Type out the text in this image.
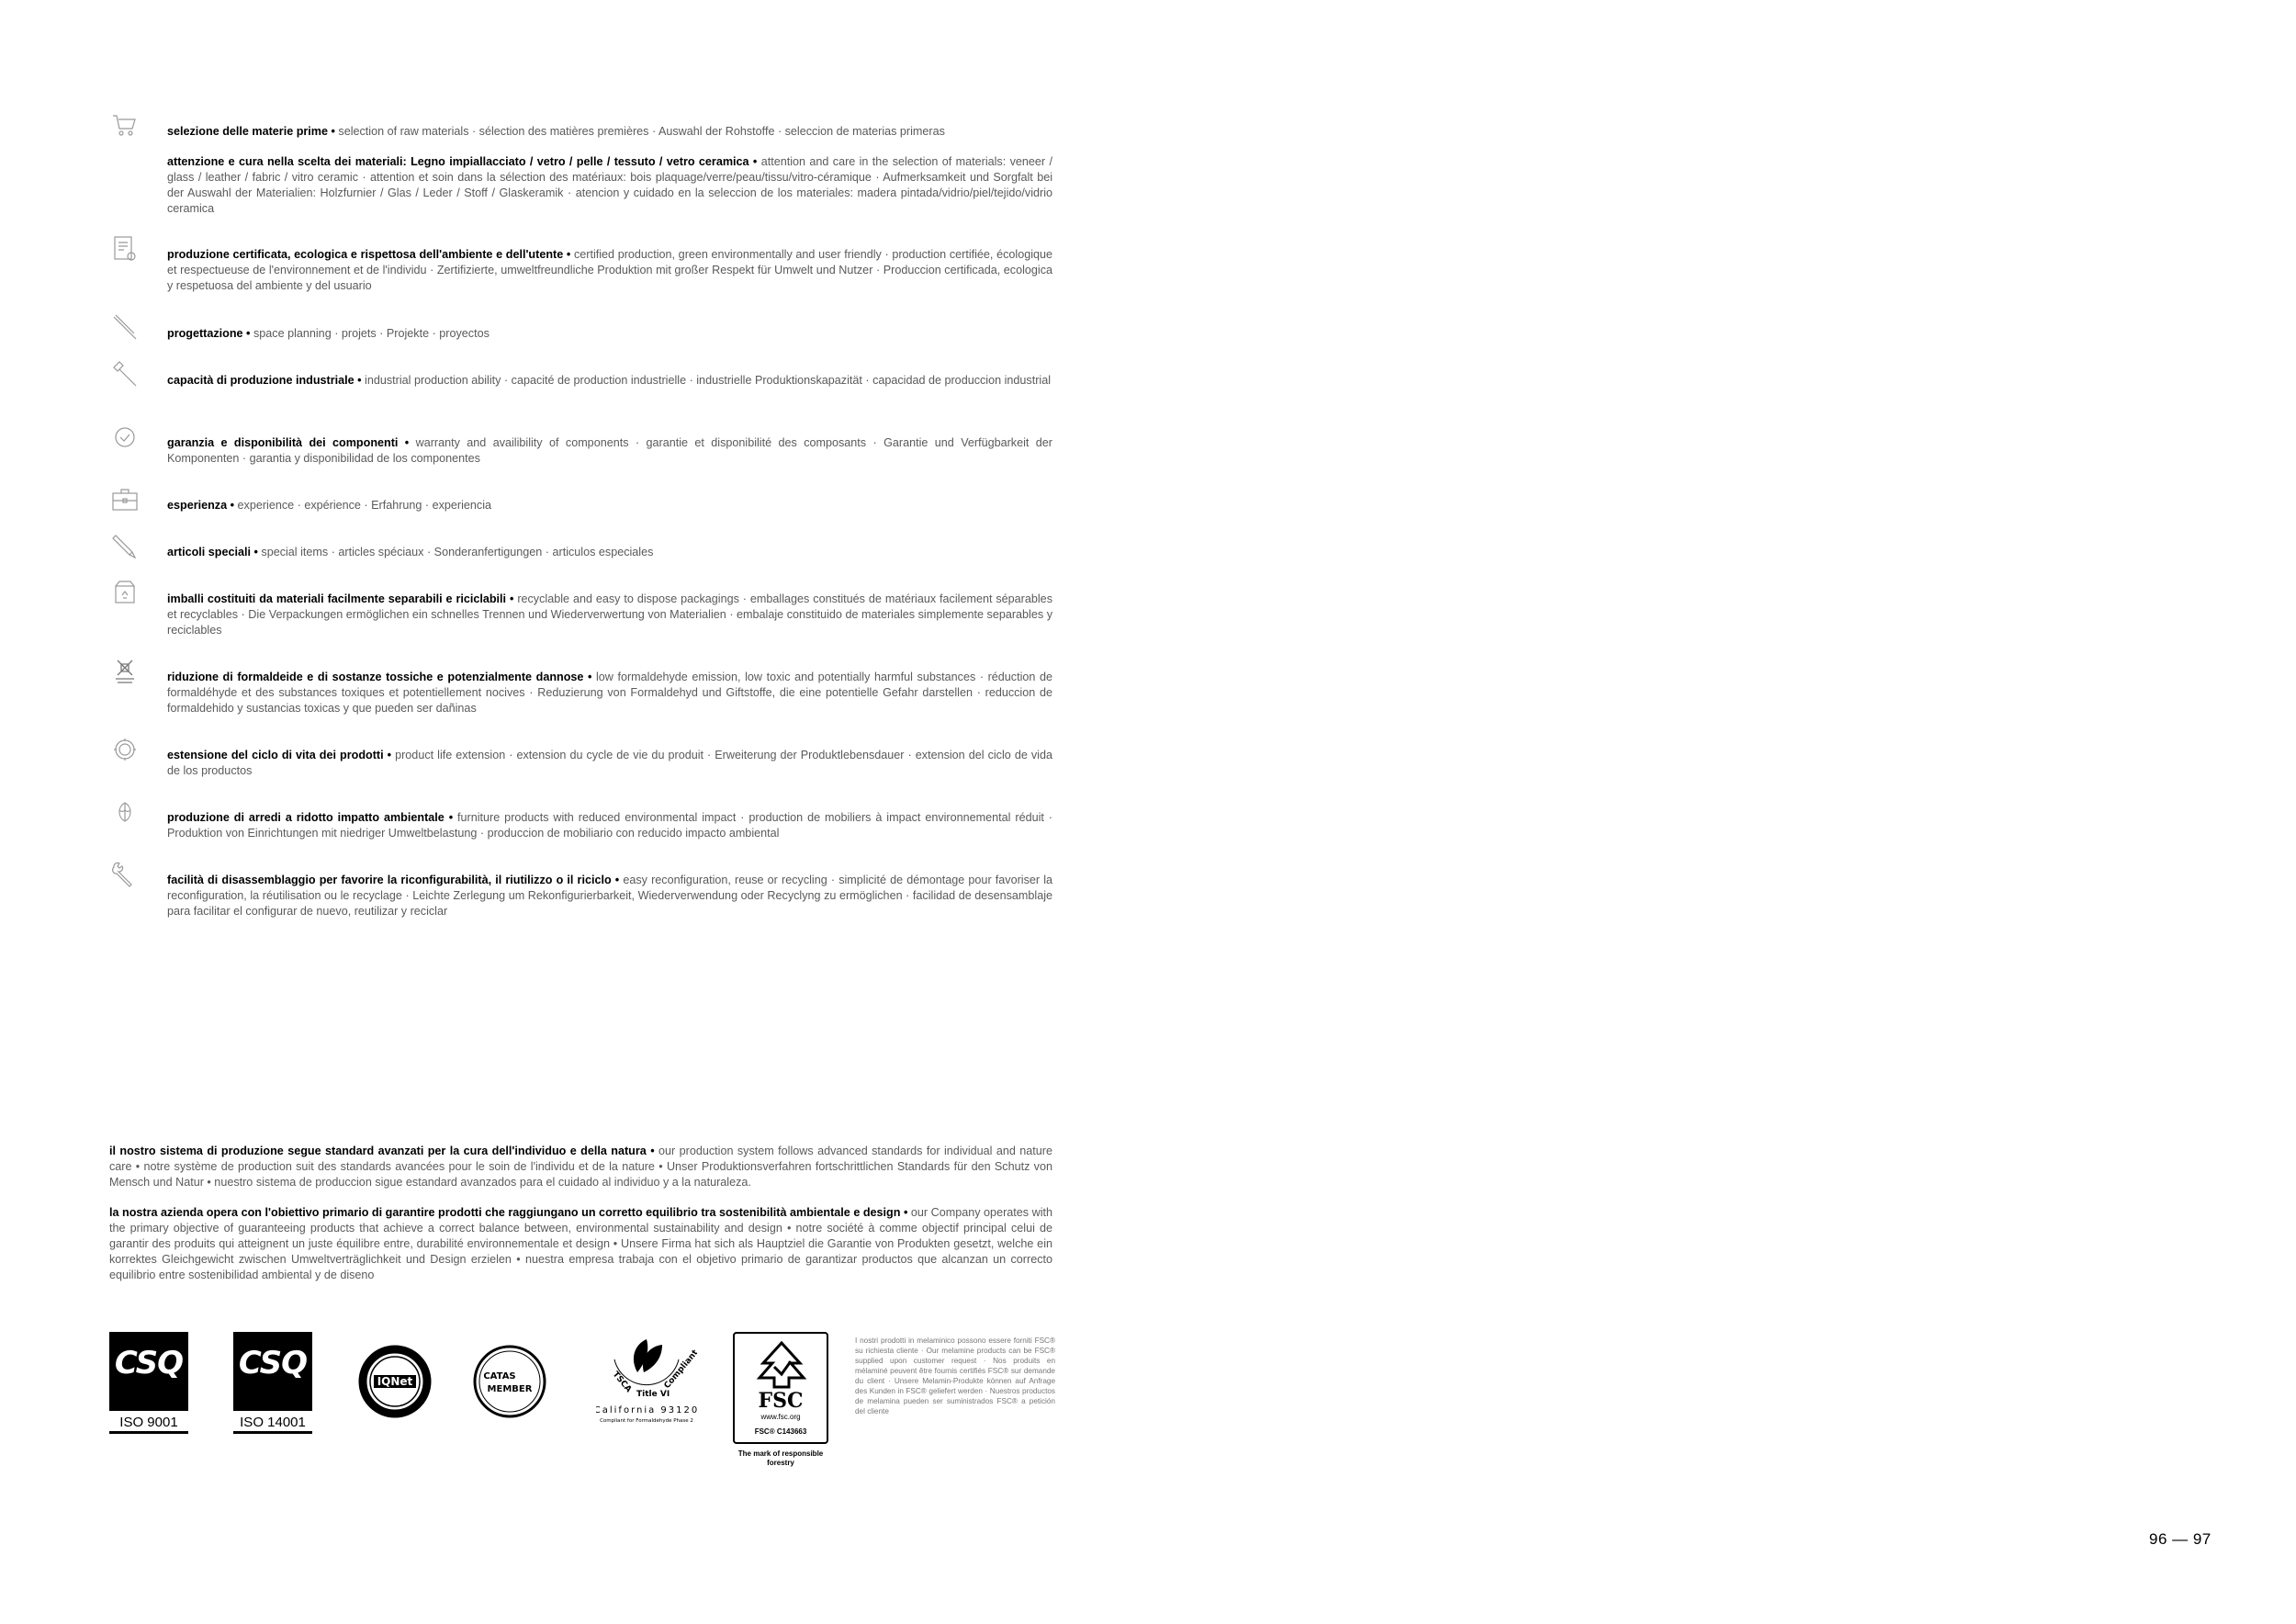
selezione delle materie prime • selection of raw materials · sélection des matières premières · Auswahl der Rohstoffe · seleccion de materias primeras
attenzione e cura nella scelta dei materiali: Legno impiallacciato / vetro / pelle / tessuto / vetro ceramica • attention and care in the selection of materials: veneer / glass / leather / fabric / vitro ceramic · attention et soin dans la sélection des matériaux: bois plaquage/verre/peau/tissu/vitro-céramique · Aufmerksamkeit und Sorgfalt bei der Auswahl der Materialien: Holzfurnier / Glas / Leder / Stoff / Glaskeramik · atencion y cuidado en la seleccion de los materiales: madera pintada/vidrio/piel/tejido/vidrio ceramica
produzione certificata, ecologica e rispettosa dell'ambiente e dell'utente • certified production, green environmentally and user friendly · production certifiée, écologique et respectueuse de l'environnement et de l'individu · Zertifizierte, umweltfreundliche Produktion mit großer Respekt für Umwelt und Nutzer · Produccion certificada, ecologica y respetuosa del ambiente y del usuario
progettazione • space planning · projets · Projekte · proyectos
capacità di produzione industriale • industrial production ability · capacité de production industrielle · industrielle Produktionskapazität · capacidad de produccion industrial
garanzia e disponibilità dei componenti • warranty and availibility of components · garantie et disponibilité des composants · Garantie und Verfügbarkeit der Komponenten · garantia y disponibilidad de los componentes
esperienza • experience · expérience · Erfahrung · experiencia
articoli speciali • special items · articles spéciaux · Sonderanfertigungen · articulos especiales
imballi costituiti da materiali facilmente separabili e riciclabili • recyclable and easy to dispose packagings · emballages constitués de matériaux facilement séparables et recyclables · Die Verpackungen ermöglichen ein schnelles Trennen und Wiederverwertung von Materialien · embalaje constituido de materiales simplemente separables y reciclables
riduzione di formaldeide e di sostanze tossiche e potenzialmente dannose • low formaldehyde emission, low toxic and potentially harmful substances · réduction de formaldéhyde et des substances toxiques et potentiellement nocives · Reduzierung von Formaldehyd und Giftstoffe, die eine potentielle Gefahr darstellen · reduccion de formaldehido y sustancias toxicas y que pueden ser dañinas
estensione del ciclo di vita dei prodotti • product life extension · extension du cycle de vie du produit · Erweiterung der Produktlebensdauer · extension del ciclo de vida de los productos
produzione di arredi a ridotto impatto ambientale • furniture products with reduced environmental impact · production de mobiliers à impact environnemental réduit · Produktion von Einrichtungen mit niedriger Umweltbelastung · produccion de mobiliario con reducido impacto ambiental
facilità di disassemblaggio per favorire la riconfigurabilità, il riutilizzo o il riciclo • easy reconfiguration, reuse or recycling · simplicité de démontage pour favoriser la reconfiguration, la réutilisation ou le recyclage · Leichte Zerlegung um Rekonfigurierbarkeit, Wiederverwendung oder Recyclyng zu ermöglichen · facilidad de desensamblaje para facilitar el configurar de nuevo, reutilizar y reciclar

il nostro sistema di produzione segue standard avanzati per la cura dell'individuo e della natura • our production system follows advanced standards for individual and nature care • notre système de production suit des standards avancées pour le soin de l'individu et de la nature • Unser Produktionsverfahren fortschrittlichen Standards für den Schutz von Mensch und Natur • nuestro sistema de produccion sigue estandard avanzados para el cuidado al individuo y a la naturaleza.

la nostra azienda opera con l'obiettivo primario di garantire prodotti che raggiungano un corretto equilibrio tra sostenibilità ambientale e design • our Company operates with the primary objective of guaranteeing products that achieve a correct balance between, environmental sustainability and design • notre société à comme objectif principal celui de garantir des produits qui atteignent un juste équilibre entre, durabilité environnementale et design • Unsere Firma hat sich als Hauptziel die Garantie von Produkten gesetzt, welche ein korrektes Gleichgewicht zwischen Umweltverträglichkeit und Design erzielen • nuestra empresa trabaja con el objetivo primario de garantizar productos que alcanzan un correcto equilibrio entre sostenibilidad ambiental y de diseno

CSQ
ISO 9001
CSQ
ISO 14001
IQNet	CATAS
MEMBER	TSCA Title VI
Compliant
California 93120
Compliant for Formaldehyde Phase 2
FSC
www.fsc.org
FSC® C143663
The mark of responsible forestry
I nostri prodotti in melaminico possono essere forniti FSC® su richiesta cliente · Our melamine products can be FSC® supplied upon customer request · Nos produits en mélaminé peuvent être fournis certifiés FSC® sur demande du client · Unsere Melamin-Produkte können auf Anfrage des Kunden in FSC® geliefert werden · Nuestros productos de melamina pueden ser suministrados FSC® a petición del cliente
96 — 97
